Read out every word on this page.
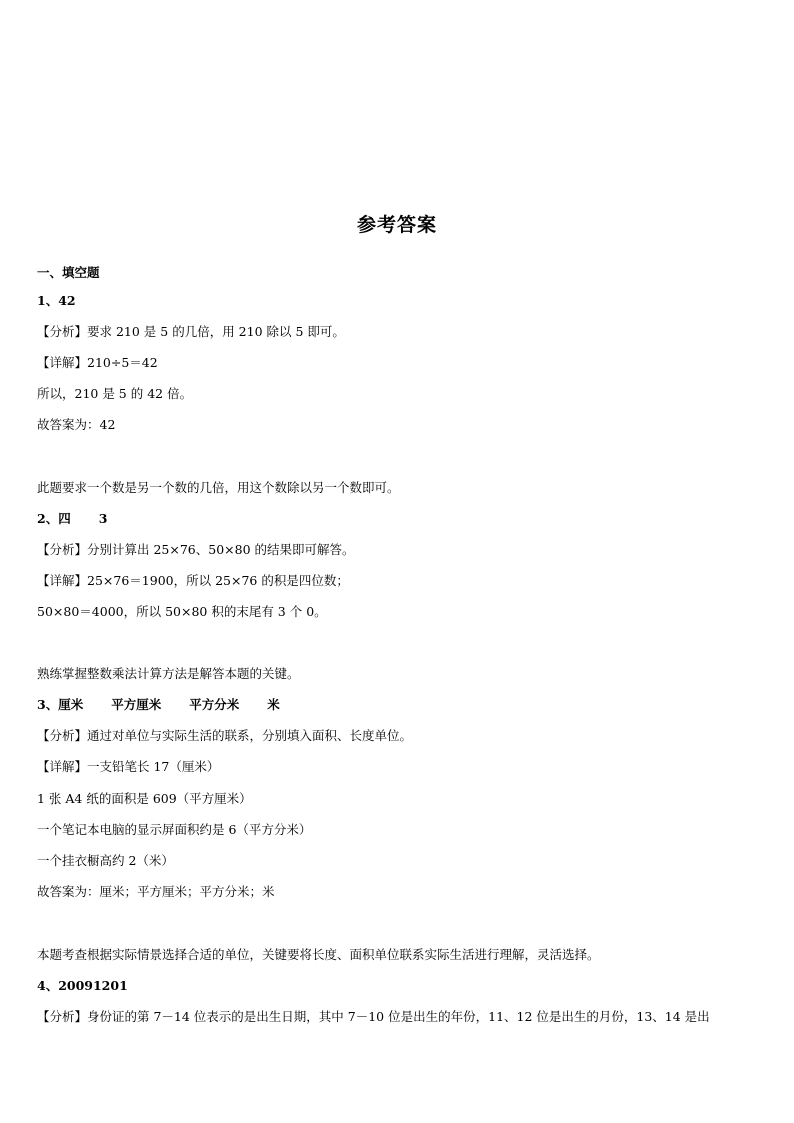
参考答案
一、填空题
1、42
【分析】要求 210 是 5 的几倍，用 210 除以 5 即可。
【详解】210÷5＝42
所以，210 是 5 的 42 倍。
故答案为：42
此题要求一个数是另一个数的几倍，用这个数除以另一个数即可。
2、四 3
【分析】分别计算出 25×76、50×80 的结果即可解答。
【详解】25×76＝1900，所以 25×76 的积是四位数；
50×80＝4000，所以 50×80 积的末尾有 3 个 0。
熟练掌握整数乘法计算方法是解答本题的关键。
3、厘米 平方厘米 平方分米 米
【分析】通过对单位与实际生活的联系，分别填入面积、长度单位。
【详解】一支铅笔长 17（厘米）
1 张 A4 纸的面积是 609（平方厘米）
一个笔记本电脑的显示屏面积约是 6（平方分米）
一个挂衣橱高约 2（米）
故答案为：厘米；平方厘米；平方分米；米
本题考查根据实际情景选择合适的单位，关键要将长度、面积单位联系实际生活进行理解，灵活选择。
4、20091201
【分析】身份证的第 7－14 位表示的是出生日期，其中 7－10 位是出生的年份，11、12 位是出生的月份，13、14 是出
